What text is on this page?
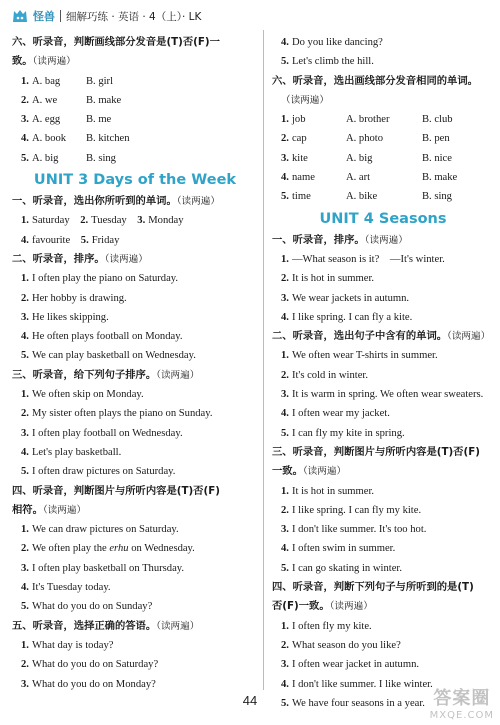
怪兽 细解巧练 · 英语 · 4（上）· LK
六、听录音，判断画线部分发音是(T)否(F)一
致。（读两遍）
1. A. bag B. girl
2. A. we	B. make
3. A. egg B. me
4. A. book B. kitchen
5. A. big	B. sing
UNIT 3 Days of the Week
一、听录音，选出你所听到的单词。（读两遍）
1. Saturday 2. Tuesday 3. Monday
4. favourite 5. Friday
二、听录音，排序。（读两遍）
1. I often play the piano on Saturday.
2. Her hobby is drawing.
3. He likes skipping.
4. He often plays football on Monday.
5. We can play basketball on Wednesday.
三、听录音，给下列句子排序。（读两遍）
1. We often skip on Monday.
2. My sister often plays the piano on Sunday.
3. I often play football on Wednesday.
4. Let's play basketball.
5. I often draw pictures on Saturday.
四、听录音，判断图片与所听内容是(T)否(F)
相符。（读两遍）
1. We can draw pictures on Saturday.
2. We often play the erhu on Wednesday.
3. I often play basketball on Thursday.
4. It's Tuesday today.
5. What do you do on Sunday?
五、听录音，选择正确的答语。（读两遍）
1. What day is today?
2. What do you do on Saturday?
3. What do you do on Monday?
4. Do you like dancing?
5. Let's climb the hill.
六、听录音，选出画线部分发音相同的单词。
（读两遍）
1. job	A. brother	B. club
2. cap	A. photo	B. pen
3. kite	A. big	B. nice
4. name	A. art	B. make
5. time	A. bike	B. sing
UNIT 4 Seasons
一、听录音，排序。（读两遍）
1. —What season is it?    —It's winter.
2. It is hot in summer.
3. We wear jackets in autumn.
4. I like spring. I can fly a kite.
二、听录音，选出句子中含有的单词。（读两遍）
1. We often wear T-shirts in summer.
2. It's cold in winter.
3. It is warm in spring. We often wear sweaters.
4. I often wear my jacket.
5. I can fly my kite in spring.
三、听录音，判断图片与所听内容是(T)否(F)
一致。（读两遍）
1. It is hot in summer.
2. I like spring. I can fly my kite.
3. I don't like summer. It's too hot.
4. I often swim in summer.
5. I can go skating in winter.
四、听录音，判断下列句子与所听到的是(T)
否(F)一致。（读两遍）
1. I often fly my kite.
2. What season do you like?
3. I often wear jacket in autumn.
4. I don't like summer. I like winter.
5. We have four seasons in a year.
44	答案圈
MXQE.COM
